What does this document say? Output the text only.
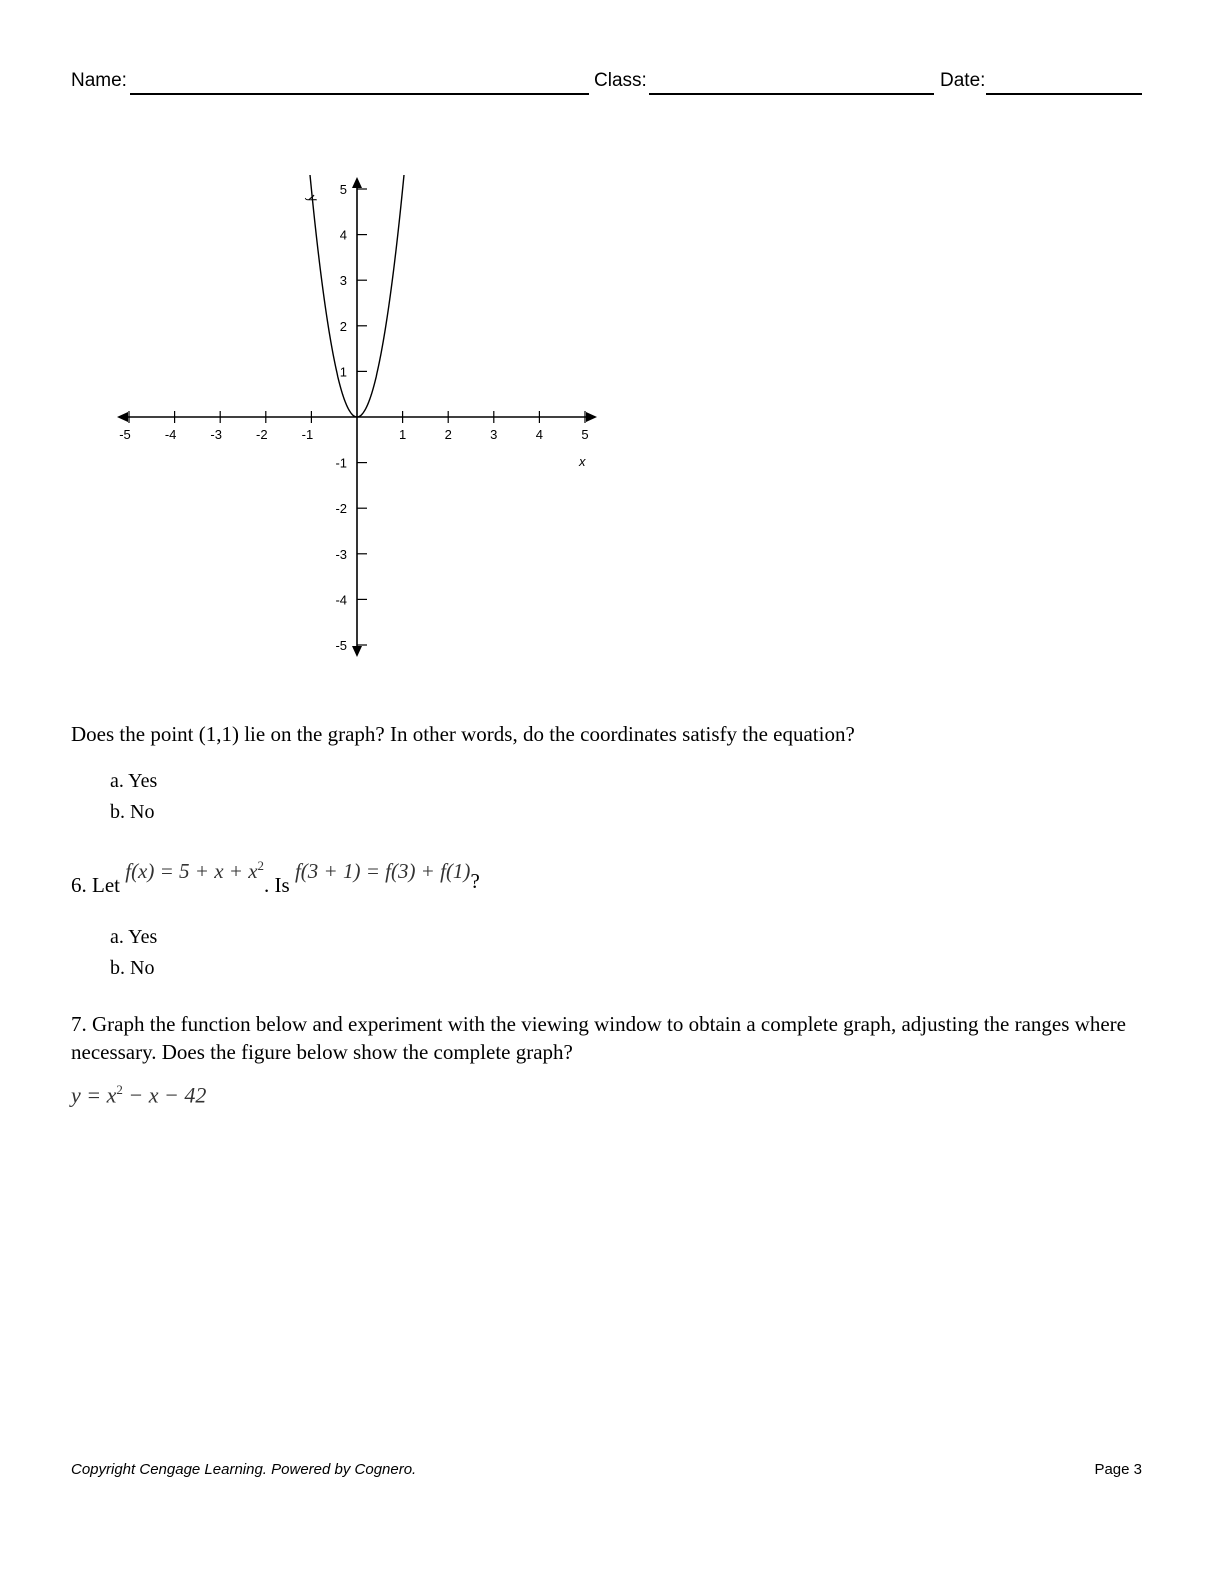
Name:	Class:	Date:
-5	-4	-3	-2	-1	1	2	3	4	5
5
4
3
2
1
-1
-2
-3
-4
-5
x
y
Does the point (1,1) lie on the graph? In other words, do the coordinates satisfy the equation?
a. Yes
b. No
6. Let $f(x) = 5 + x + x^2$. Is f(3 + 1) = f(3) + f(1)?
a. Yes
b. No
7. Graph the function below and experiment with the viewing window to obtain a complete graph, adjusting the ranges where necessary. Does the figure below show the complete graph?
$y = x^2 - x - 42$
Copyright Cengage Learning. Powered by Cognero.	Page 3
